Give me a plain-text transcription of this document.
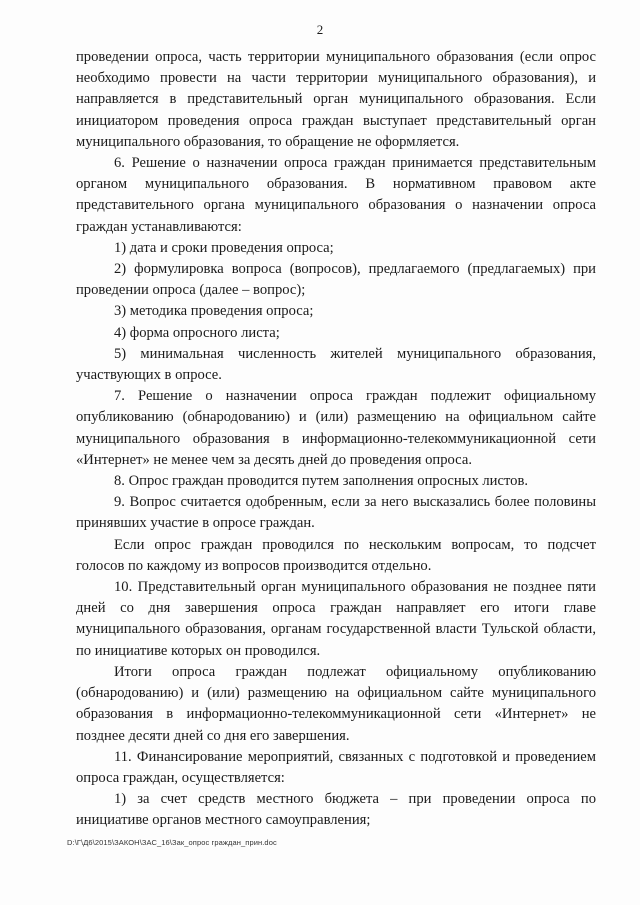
2

проведении опроса, часть территории муниципального образования (если опрос необходимо провести на части территории муниципального образования), и направляется в представительный орган муниципального образования. Если инициатором проведения опроса граждан выступает представительный орган муниципального образования, то обращение не оформляется.

6. Решение о назначении опроса граждан принимается представительным органом муниципального образования. В нормативном правовом акте представительного органа муниципального образования о назначении опроса граждан устанавливаются:

1) дата и сроки проведения опроса;

2) формулировка вопроса (вопросов), предлагаемого (предлагаемых) при проведении опроса (далее – вопрос);

3) методика проведения опроса;

4) форма опросного листа;

5) минимальная численность жителей муниципального образования, участвующих в опросе.

7. Решение о назначении опроса граждан подлежит официальному опубликованию (обнародованию) и (или) размещению на официальном сайте муниципального образования в информационно-телекоммуникационной сети «Интернет» не менее чем за десять дней до проведения опроса.

8. Опрос граждан проводится путем заполнения опросных листов.

9. Вопрос считается одобренным, если за него высказались более половины принявших участие в опросе граждан.

Если опрос граждан проводился по нескольким вопросам, то подсчет голосов по каждому из вопросов производится отдельно.

10. Представительный орган муниципального образования не позднее пяти дней со дня завершения опроса граждан направляет его итоги главе муниципального образования, органам государственной власти Тульской области, по инициативе которых он проводился.

Итоги опроса граждан подлежат официальному опубликованию (обнародованию) и (или) размещению на официальном сайте муниципального образования в информационно-телекоммуникационной сети «Интернет» не позднее десяти дней со дня его завершения.

11. Финансирование мероприятий, связанных с подготовкой и проведением опроса граждан, осуществляется:

1) за счет средств местного бюджета – при проведении опроса по инициативе органов местного самоуправления;

D:\Г\Д6\2015\ЗАКОН\ЗАС_16\Зак_опрос граждан_прин.doc
